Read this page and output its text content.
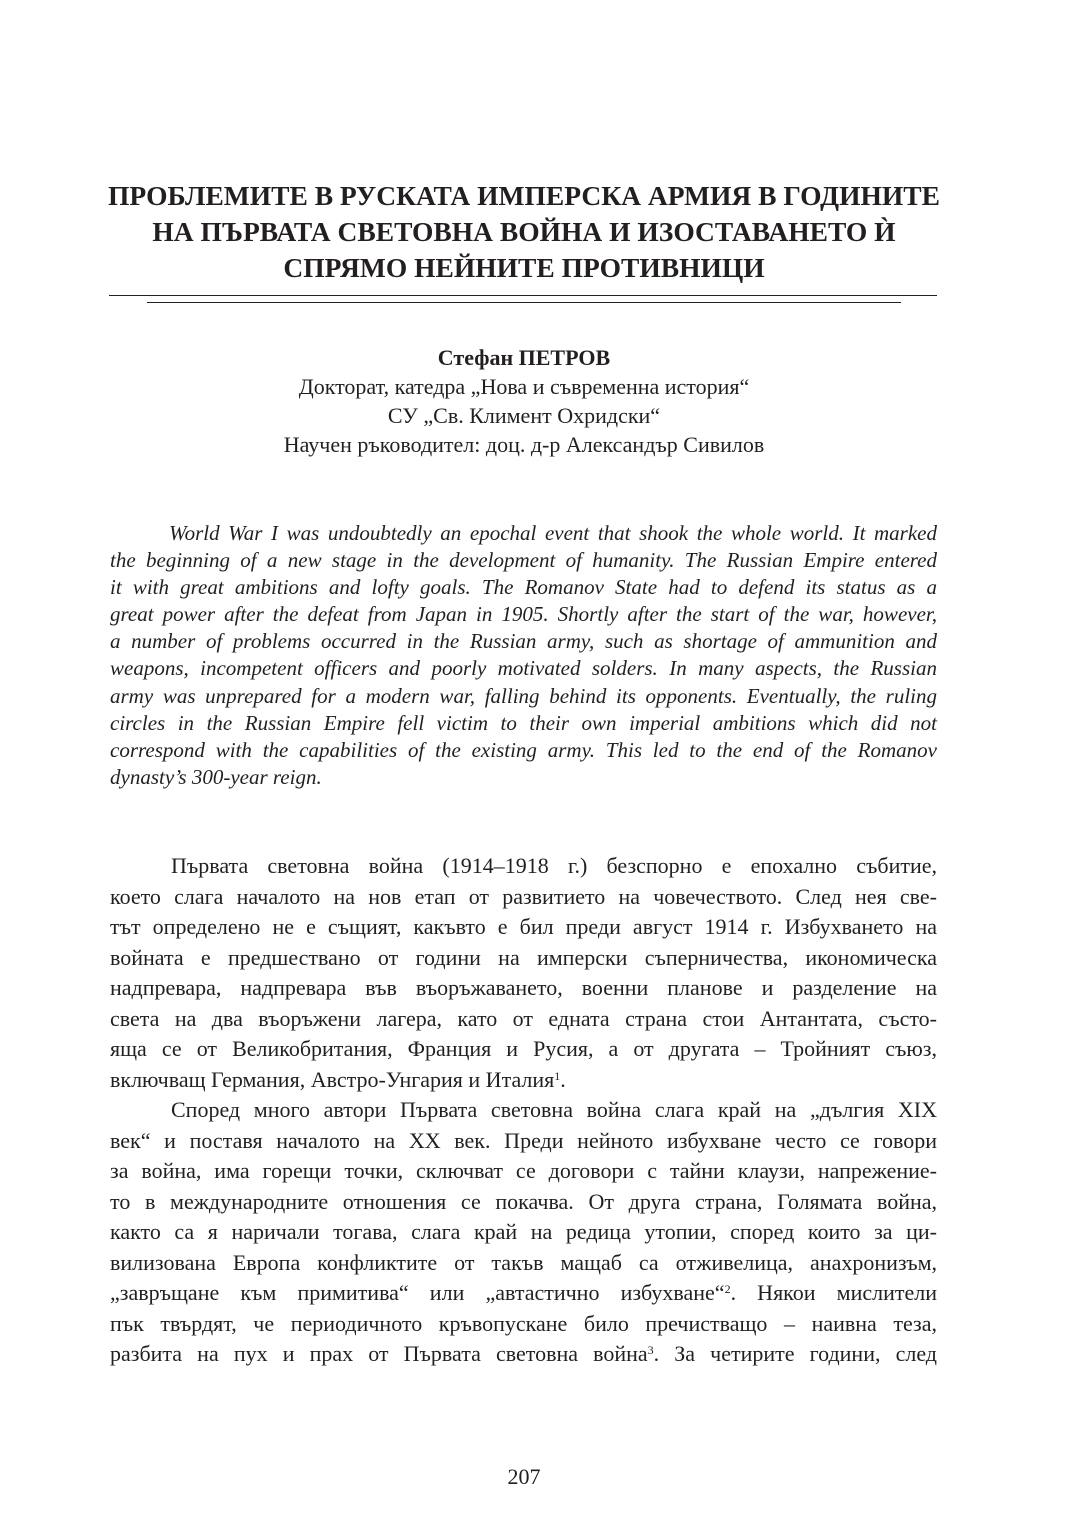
ПРОБЛЕМИТЕ В РУСКАТА ИМПЕРСКА АРМИЯ В ГОДИНИТЕ
НА ПЪРВАТА СВЕТОВНА ВОЙНА И ИЗОСТАВАНЕТО Ѝ
СПРЯМО НЕЙНИТЕ ПРОТИВНИЦИ
Стефан ПЕТРОВ
Докторат, катедра „Нова и съвременна история“
СУ „Св. Климент Охридски“
Научен ръководител: доц. д-р Александър Сивилов
World War I was undoubtedly an epochal event that shook the whole world. It marked
the beginning of a new stage in the development of humanity. The Russian Empire entered
it with great ambitions and lofty goals. The Romanov State had to defend its status as a
great power after the defeat from Japan in 1905. Shortly after the start of the war, however,
a number of problems occurred in the Russian army, such as shortage of ammunition and
weapons, incompetent officers and poorly motivated solders. In many aspects, the Russian
army was unprepared for a modern war, falling behind its opponents. Eventually, the ruling
circles in the Russian Empire fell victim to their own imperial ambitions which did not
correspond with the capabilities of the existing army. This led to the end of the Romanov
dynasty’s 300-year reign.
Първата световна война (1914–1918 г.) безспорно е епохално събитие,
което слага началото на нов етап от развитието на човечеството. След нея све-
тът определено не е същият, какъвто е бил преди август 1914 г. Избухването на
войната е предшествано от години на имперски съперничества, икономическа
надпревара, надпревара във въоръжаването, военни планове и разделение на
света на два въоръжени лагера, като от едната страна стои Антантата, състо-
яща се от Великобритания, Франция и Русия, а от другата – Тройният съюз,
включващ Германия, Австро-Унгария и Италия$^1$.
Според много автори Първата световна война слага край на „дългия XIX
век“ и поставя началото на XX век. Преди нейното избухване често се говори
за война, има горещи точки, сключват се договори с тайни клаузи, напрежение-
то в международните отношения се покачва. От друга страна, Голямата война,
както са я наричали тогава, слага край на редица утопии, според които за ци-
вилизована Европа конфликтите от такъв мащаб са отживелица, анахронизъм,
„завръщане към примитива“ или „автастично избухване“$^2$. Някои мислители
пък твърдят, че периодичното кръвопускане било пречистващо – наивна теза,
разбита на пух и прах от Първата световна война$^3$. За четирите години, след
207
